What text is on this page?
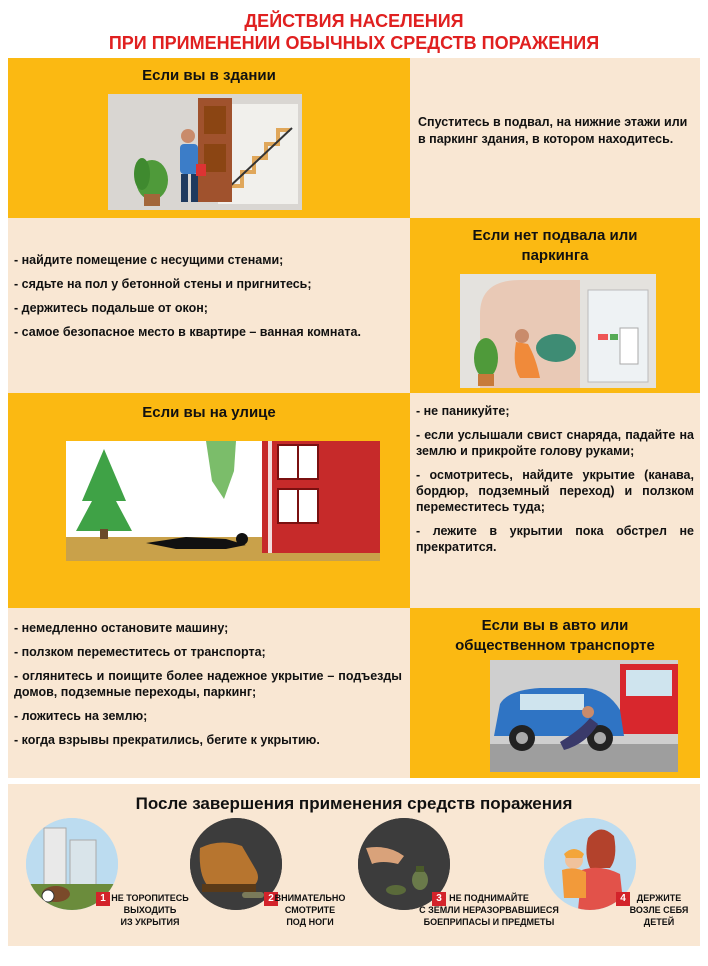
ДЕЙСТВИЯ НАСЕЛЕНИЯ
ПРИ ПРИМЕНЕНИИ ОБЫЧНЫХ СРЕДСТВ ПОРАЖЕНИЯ
Если вы в здании
Спуститесь в подвал, на нижние этажи или в паркинг здания, в котором находитесь.

- найдите помещение с несущими стенами;

- сядьте на пол у бетонной стены и пригнитесь;

- держитесь подальше от окон;

- самое безопасное место в квартире – ванная комната.

Если нет подвала или
паркинга
Если вы на улице	- не паникуйте;

- если услышали свист снаряда, падайте на землю и прикройте голову руками;

- осмотритесь, найдите укрытие (канава, бордюр, подземный переход) и ползком переместитесь туда;

- лежите в укрытии пока обстрел не прекратится.

- немедленно остановите машину;

- ползком переместитесь от транспорта;

- оглянитесь и поищите более надежное укрытие – подъезды домов, подземные переходы, паркинг;

- ложитесь на землю;

- когда взрывы прекратились, бегите к укрытию.

Если вы в авто или
общественном транспорте
После завершения применения средств поражения
1 НЕ ТОРОПИТЕСЬ
ВЫХОДИТЬ
ИЗ УКРЫТИЯ
2 ВНИМАТЕЛЬНО
СМОТРИТЕ
ПОД НОГИ
3 НЕ ПОДНИМАЙТЕ
С ЗЕМЛИ НЕРАЗОРВАВШИЕСЯ
БОЕПРИПАСЫ И ПРЕДМЕТЫ
4	ДЕРЖИТЕ
ВОЗЛЕ СЕБЯ
ДЕТЕЙ
